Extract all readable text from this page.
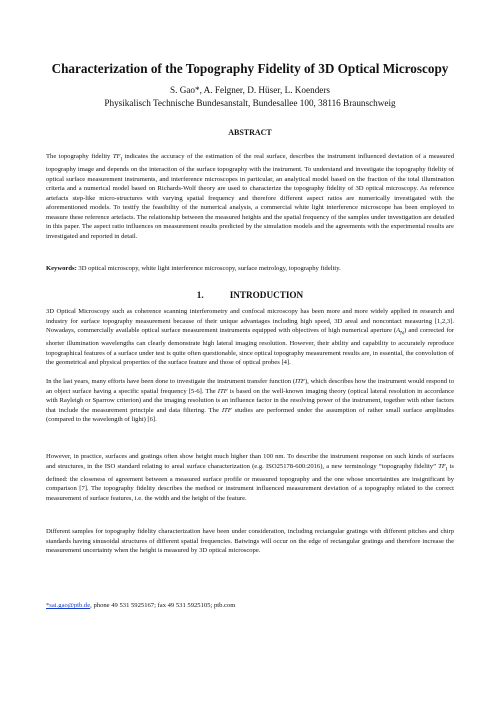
Characterization of the Topography Fidelity of 3D Optical Microscopy
S. Gao*, A. Felgner, D. Hüser, L. Koenders
Physikalisch Technische Bundesanstalt, Bundesallee 100, 38116 Braunschweig
ABSTRACT
The topography fidelity $TF_l$ indicates the accuracy of the estimation of the real surface, describes the instrument influenced deviation of a measured topography image and depends on the interaction of the surface topography with the instrument. To understand and investigate the topography fidelity of optical surface measurement instruments, and interference microscopes in particular, an analytical model based on the fraction of the total illumination criteria and a numerical model based on Richards-Wolf theory are used to characterize the topography fidelity of 3D optical microscopy. As reference artefacts step-like micro-structures with varying spatial frequency and therefore different aspect ratios are numerically investigated with the aforementioned models. To testify the feasibility of the numerical analysis, a commercial white light interference microscope has been employed to measure these reference artefacts. The relationship between the measured heights and the spatial frequency of the samples under investigation are detailed in this paper. The aspect ratio influences on measurement results predicted by the simulation models and the agreements with the experimental results are investigated and reported in detail.
Keywords: 3D optical microscopy, white light interference microscopy, surface metrology, topography fidelity.
1.	INTRODUCTION
3D Optical Microscopy such as coherence scanning interferometry and confocal microscopy has been more and more widely applied in research and industry for surface topography measurement because of their unique advantages including high speed, 3D areal and noncontact measuring [1,2,3]. Nowadays, commercially available optical surface measurement instruments equipped with objectives of high numerical aperture $(A_N)$ and corrected for shorter illumination wavelengths can clearly demonstrate high lateral imaging resolution. However, their ability and capability to accurately reproduce topographical features of a surface under test is quite often questionable, since optical topography measurement results are, in essential, the convolution of the geometrical and physical properties of the surface feature and those of optical probes [4].
In the last years, many efforts have been done to investigate the instrument transfer function (ITF), which describes how the instrument would respond to an object surface having a specific spatial frequency [5-6]. The ITF is based on the well-known imaging theory (optical lateral resolution in accordance with Rayleigh or Sparrow criterion) and the imaging resolution is an influence factor in the resolving power of the instrument, together with other factors that include the measurement principle and data filtering. The ITF studies are performed under the assumption of rather small surface amplitudes (compared to the wavelength of light) [6].
However, in practice, surfaces and gratings often show height much higher than 100 nm. To describe the instrument response on such kinds of surfaces and structures, in the ISO standard relating to areal surface characterization (e.g. ISO25178-600:2016), a new terminology “topography fidelity” $TF_l$ is defined: the closeness of agreement between a measured surface profile or measured topography and the one whose uncertainties are insignificant by comparison [7]. The topography fidelity describes the method or instrument influenced measurement deviation of a topography related to the correct measurement of surface features, i.e. the width and the height of the feature.
Different samples for topography fidelity characterization have been under consideration, including rectangular gratings with different pitches and chirp standards having sinusoidal structures of different spatial frequencies. Batwings will occur on the edge of rectangular gratings and therefore increase the measurement uncertainty when the height is measured by 3D optical microscope.
*sai.gao@ptb.de, phone 49 531 5925167; fax 49 531 5925105; ptb.com
